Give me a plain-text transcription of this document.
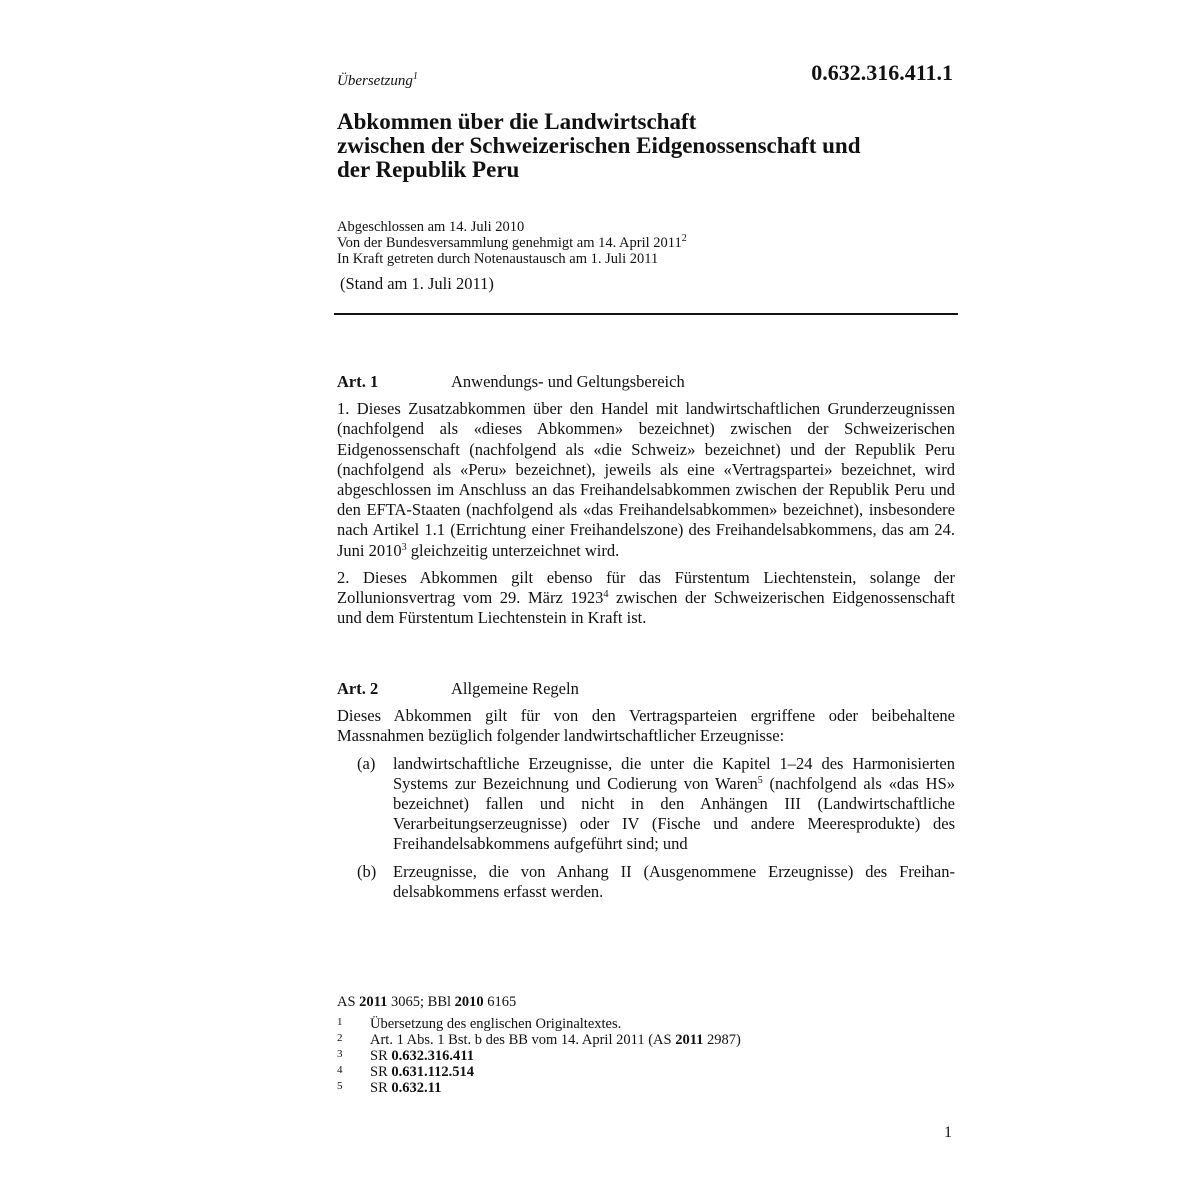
Übersetzung$^1$	0.632.316.411.1
Abkommen über die Landwirtschaft
zwischen der Schweizerischen Eidgenossenschaft und
der Republik Peru
Abgeschlossen am 14. Juli 2010
Von der Bundesversammlung genehmigt am 14. April 2011$^2$
In Kraft getreten durch Notenaustausch am 1. Juli 2011
(Stand am 1. Juli 2011)
Art. 1	Anwendungs- und Geltungsbereich

1. Dieses Zusatzabkommen über den Handel mit landwirtschaftlichen Grunderzeugnissen (nachfolgend als «dieses Abkommen» bezeichnet) zwischen der Schweizerischen Eidgenossenschaft (nachfolgend als «die Schweiz» bezeichnet) und der Republik Peru (nachfolgend als «Peru» bezeichnet), jeweils als eine «Vertragspartei» bezeichnet, wird abgeschlossen im Anschluss an das Freihandelsabkommen zwischen der Republik Peru und den EFTA-Staaten (nachfolgend als «das Freihandelsabkommen» bezeichnet), insbesondere nach Artikel 1.1 (Errichtung einer Freihandelszone) des Freihandelsabkommens, das am 24. Juni 2010$^3$ gleichzeitig unterzeichnet wird.

2. Dieses Abkommen gilt ebenso für das Fürstentum Liechtenstein, solange der Zollunionsvertrag vom 29. März 1923$^4$ zwischen der Schweizerischen Eidgenossenschaft und dem Fürstentum Liechtenstein in Kraft ist.

Art. 2	Allgemeine Regeln

Dieses Abkommen gilt für von den Vertragsparteien ergriffene oder beibehaltene Massnahmen bezüglich folgender landwirtschaftlicher Erzeugnisse:

(a)	landwirtschaftliche Erzeugnisse, die unter die Kapitel 1–24 des Harmonisierten Systems zur Bezeichnung und Codierung von Waren$^5$ (nachfolgend als «das HS» bezeichnet) fallen und nicht in den Anhängen III (Landwirtschaftliche Verarbeitungserzeugnisse) oder IV (Fische und andere Meeresprodukte) des Freihandelsabkommens aufgeführt sind; und
(b)	Erzeugnisse, die von Anhang II (Ausgenommene Erzeugnisse) des Freihandelsabkommens erfasst werden.
AS 2011 3065; BBl 2010 6165
1	Übersetzung des englischen Originaltextes.
2	Art. 1 Abs. 1 Bst. b des BB vom 14. April 2011 (AS 2011 2987)
3	SR 0.632.316.411
4	SR 0.631.112.514
5	SR 0.632.11
1
